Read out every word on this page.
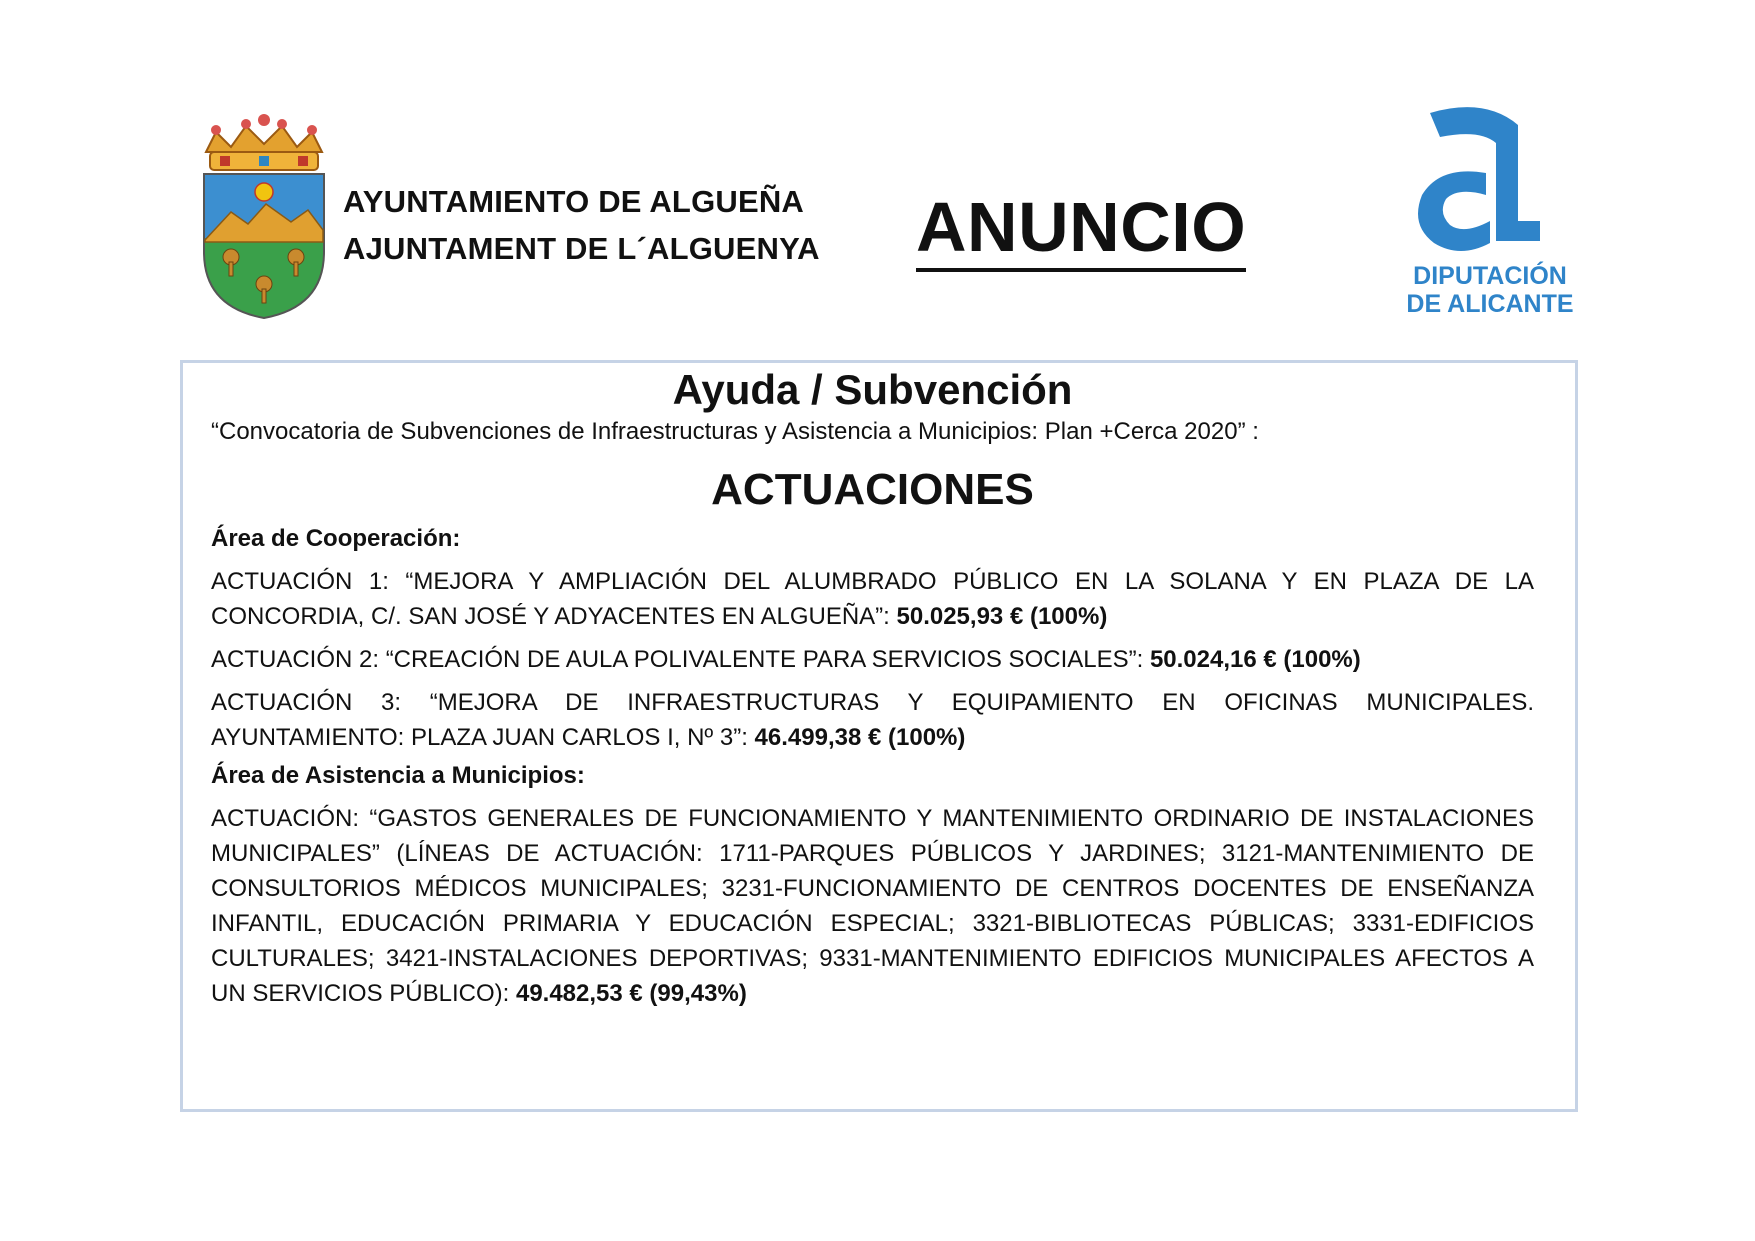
AYUNTAMIENTO DE ALGUEÑA
AJUNTAMENT DE L´ALGUENYA ANUNCIO
DIPUTACIÓN
DE ALICANTE
Ayuda / Subvención
“Convocatoria de Subvenciones de Infraestructuras y Asistencia a Municipios: Plan +Cerca 2020” :
ACTUACIONES
Área de Cooperación:
ACTUACIÓN 1: “MEJORA Y AMPLIACIÓN DEL ALUMBRADO PÚBLICO EN LA SOLANA Y EN PLAZA DE LA CONCORDIA, C/. SAN JOSÉ Y ADYACENTES EN ALGUEÑA”: 50.025,93 € (100%)
ACTUACIÓN 2: “CREACIÓN DE AULA POLIVALENTE PARA SERVICIOS SOCIALES”: 50.024,16 € (100%)
ACTUACIÓN 3: “MEJORA DE INFRAESTRUCTURAS Y EQUIPAMIENTO EN OFICINAS MUNICIPALES. AYUNTAMIENTO: PLAZA JUAN CARLOS I, Nº 3”: 46.499,38 € (100%)
Área de Asistencia a Municipios:
ACTUACIÓN: “GASTOS GENERALES DE FUNCIONAMIENTO Y MANTENIMIENTO ORDINARIO DE INSTALACIONES MUNICIPALES” (LÍNEAS DE ACTUACIÓN: 1711-PARQUES PÚBLICOS Y JARDINES; 3121-MANTENIMIENTO DE CONSULTORIOS MÉDICOS MUNICIPALES; 3231-FUNCIONAMIENTO DE CENTROS DOCENTES DE ENSEÑANZA INFANTIL, EDUCACIÓN PRIMARIA Y EDUCACIÓN ESPECIAL; 3321-BIBLIOTECAS PÚBLICAS; 3331-EDIFICIOS CULTURALES; 3421-INSTALACIONES DEPORTIVAS; 9331-MANTENIMIENTO EDIFICIOS MUNICIPALES AFECTOS A UN SERVICIOS PÚBLICO): 49.482,53 € (99,43%)
